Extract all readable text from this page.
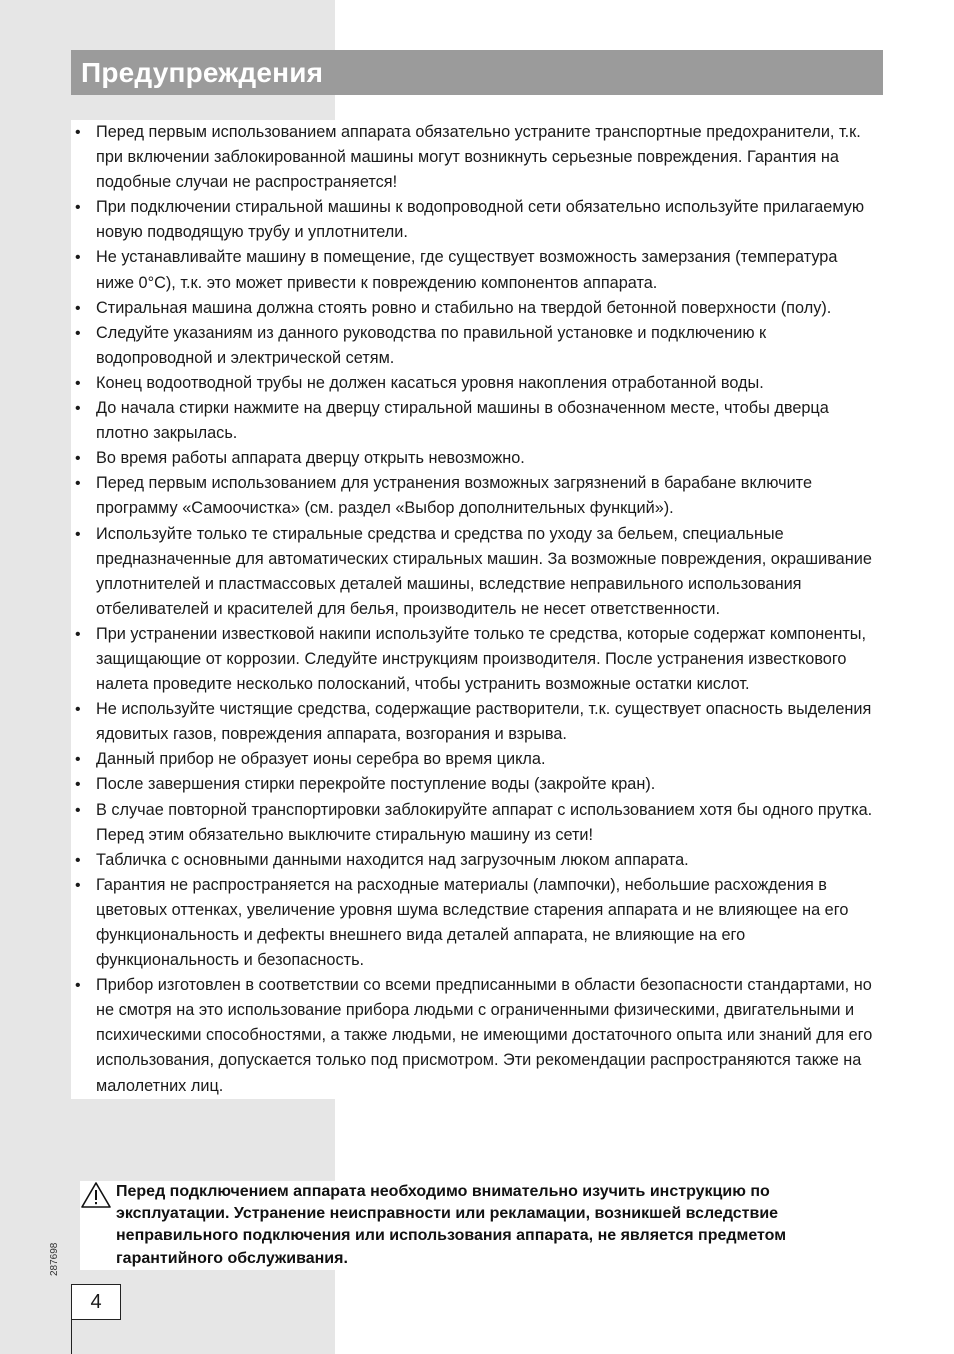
Предупреждения
• Перед первым использованием аппарата обязательно устраните транспортные предохранители, т.к. при включении заблокированной машины могут возникнуть серьезные повреждения. Гарантия на подобные случаи не распространяется!
• При подключении стиральной машины к водопроводной сети обязательно используйте прилагаемую новую подводящую трубу и уплотнители.
• Не устанавливайте машину в помещение, где существует возможность замерзания (температура ниже 0°C), т.к. это может привести к повреждению компонентов аппарата.
• Стиральная машина должна стоять ровно и стабильно на твердой бетонной поверхности (полу).
• Следуйте указаниям из данного руководства по правильной установке и подключению к водопроводной и электрической сетям.
• Конец водоотводной трубы не должен касаться уровня накопления отработанной воды.
• До начала стирки нажмите на дверцу стиральной машины в обозначенном месте, чтобы дверца плотно закрылась.
• Во время работы аппарата дверцу открыть невозможно.
• Перед первым использованием для устранения возможных загрязнений в барабане включите программу «Самоочистка» (см. раздел «Выбор дополнительных функций»).
• Используйте только те стиральные средства и средства по уходу за бельем, специальные предназначенные для автоматических стиральных машин. За возможные повреждения, окрашивание уплотнителей и пластмассовых деталей машины, вследствие неправильного использования отбеливателей и красителей для белья, производитель не несет ответственности.
• При устранении известковой накипи используйте только те средства, которые содержат компоненты, защищающие от коррозии. Следуйте инструкциям производителя. После устранения известкового налета проведите несколько полосканий, чтобы устранить возможные остатки кислот.
• Не используйте чистящие средства, содержащие растворители, т.к. существует опасность выделения ядовитых газов, повреждения аппарата, возгорания и взрыва.
• Данный прибор не образует ионы серебра во время цикла.
• После завершения стирки перекройте поступление воды (закройте кран).
• В случае повторной транспортировки заблокируйте аппарат с использованием хотя бы одного прутка. Перед этим обязательно выключите стиральную машину из сети!
• Табличка с основными данными находится над загрузочным люком аппарата.
• Гарантия не распространяется на расходные материалы (лампочки), небольшие расхождения в цветовых оттенках, увеличение уровня шума вследствие старения аппарата и не влияющее на его функциональность и дефекты внешнего вида деталей аппарата, не влияющие на его функциональность и безопасность.
• Прибор изготовлен в соответствии со всеми предписанными в области безопасности стандартами, но не смотря на это использование прибора людьми с ограниченными физическими, двигательными и психическими способностями, а также людьми, не имеющими достаточного опыта или знаний для его использования, допускается только под присмотром. Эти рекомендации распространяются также на малолетних лиц.

Перед подключением аппарата необходимо внимательно изучить инструкцию по эксплуатации. Устранение неисправности или рекламации, возникшей вследствие неправильного подключения или использования аппарата, не является предметом гарантийного обслуживания.

287698
4
